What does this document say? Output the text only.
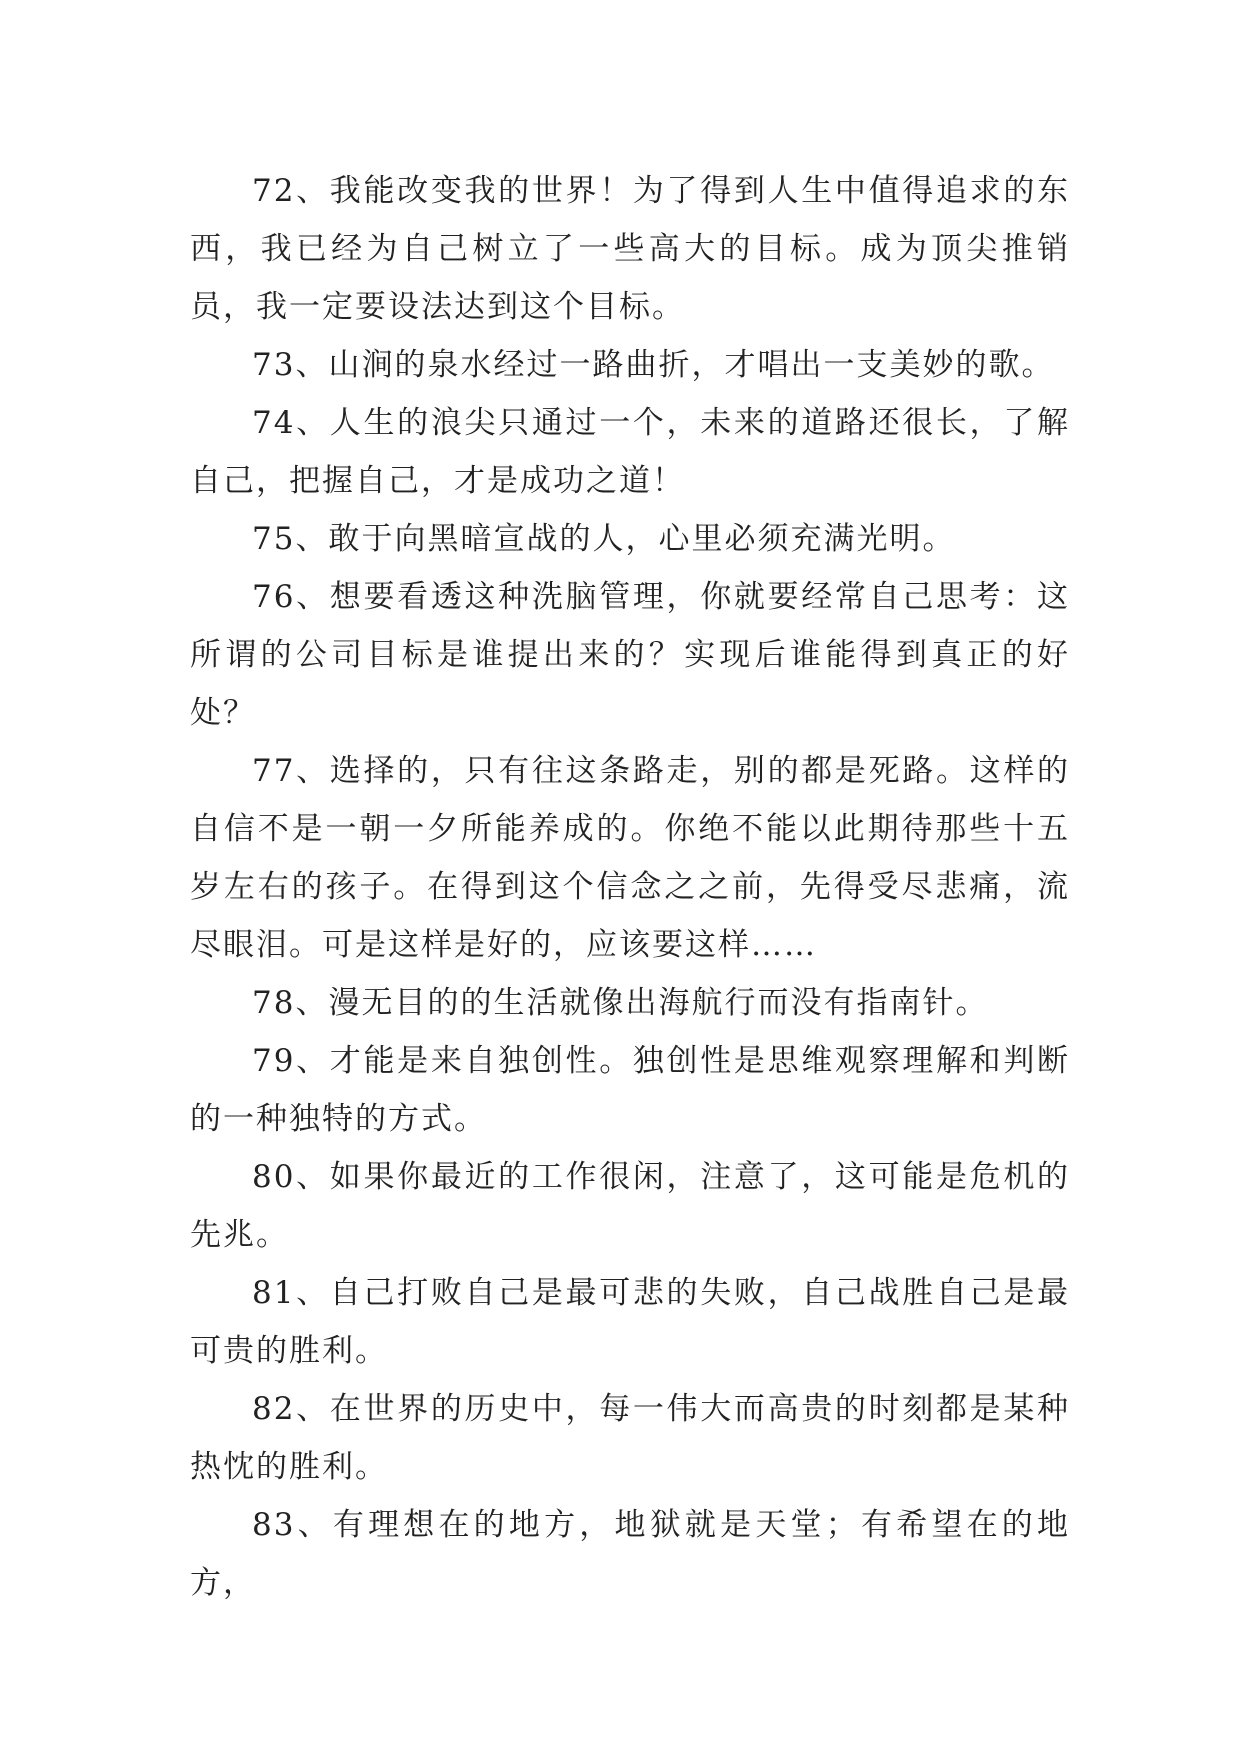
72、我能改变我的世界！为了得到人生中值得追求的东西，我已经为自己树立了一些高大的目标。成为顶尖推销员，我一定要设法达到这个目标。

73、山涧的泉水经过一路曲折，才唱出一支美妙的歌。

74、人生的浪尖只通过一个，未来的道路还很长，了解自己，把握自己，才是成功之道！

75、敢于向黑暗宣战的人，心里必须充满光明。

76、想要看透这种洗脑管理，你就要经常自己思考：这所谓的公司目标是谁提出来的？实现后谁能得到真正的好处？

77、选择的，只有往这条路走，别的都是死路。这样的自信不是一朝一夕所能养成的。你绝不能以此期待那些十五岁左右的孩子。在得到这个信念之之前，先得受尽悲痛，流尽眼泪。可是这样是好的，应该要这样……

78、漫无目的的生活就像出海航行而没有指南针。

79、才能是来自独创性。独创性是思维观察理解和判断的一种独特的方式。

80、如果你最近的工作很闲，注意了，这可能是危机的先兆。

81、自己打败自己是最可悲的失败，自己战胜自己是最可贵的胜利。

82、在世界的历史中，每一伟大而高贵的时刻都是某种热忱的胜利。

83、有理想在的地方，地狱就是天堂；有希望在的地方，
